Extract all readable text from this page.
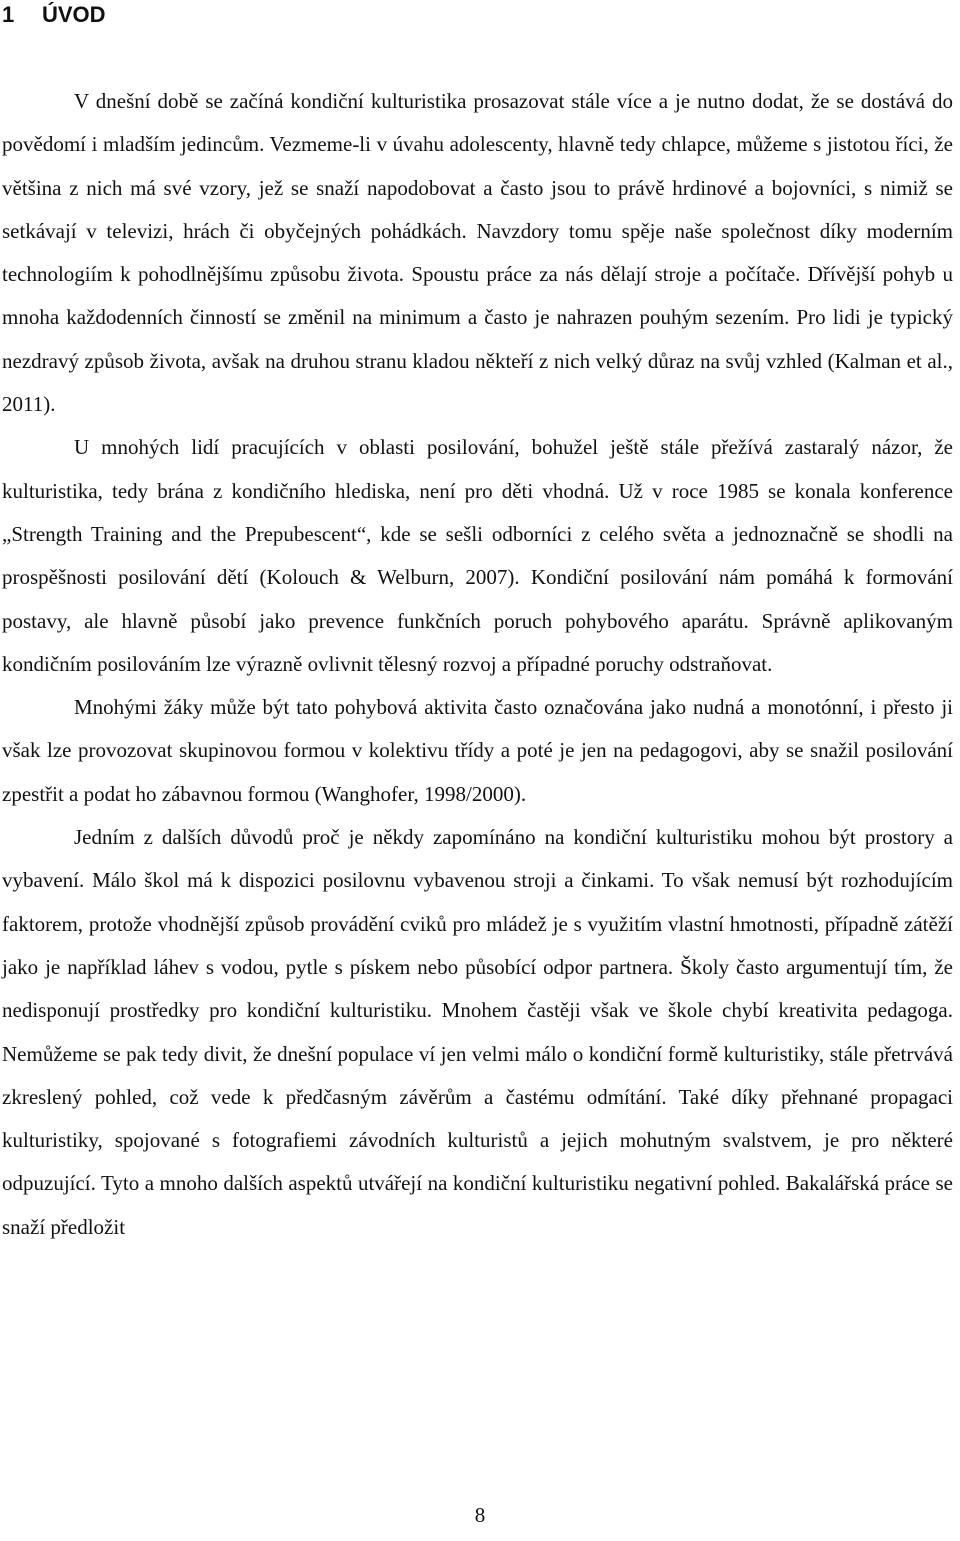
1 ÚVOD

V dnešní době se začíná kondiční kulturistika prosazovat stále více a je nutno dodat, že se dostává do povědomí i mladším jedincům. Vezmeme-li v úvahu adolescenty, hlavně tedy chlapce, můžeme s jistotou říci, že většina z nich má své vzory, jež se snaží napodobovat a často jsou to právě hrdinové a bojovníci, s nimiž se setkávají v televizi, hrách či obyčejných pohádkách. Navzdory tomu spěje naše společnost díky moderním technologiím k pohodlnějšímu způsobu života. Spoustu práce za nás dělají stroje a počítače. Dřívější pohyb u mnoha každodenních činností se změnil na minimum a často je nahrazen pouhým sezením. Pro lidi je typický nezdravý způsob života, avšak na druhou stranu kladou někteří z nich velký důraz na svůj vzhled (Kalman et al., 2011).

U mnohých lidí pracujících v oblasti posilování, bohužel ještě stále přežívá zastaralý názor, že kulturistika, tedy brána z kondičního hlediska, není pro děti vhodná. Už v roce 1985 se konala konference „Strength Training and the Prepubescent“, kde se sešli odborníci z celého světa a jednoznačně se shodli na prospěšnosti posilování dětí (Kolouch & Welburn, 2007). Kondiční posilování nám pomáhá k formování postavy, ale hlavně působí jako prevence funkčních poruch pohybového aparátu. Správně aplikovaným kondičním posilováním lze výrazně ovlivnit tělesný rozvoj a případné poruchy odstraňovat.

Mnohými žáky může být tato pohybová aktivita často označována jako nudná a monotónní, i přesto ji však lze provozovat skupinovou formou v kolektivu třídy a poté je jen na pedagogovi, aby se snažil posilování zpestřit a podat ho zábavnou formou (Wanghofer, 1998/2000).

Jedním z dalších důvodů proč je někdy zapomínáno na kondiční kulturistiku mohou být prostory a vybavení. Málo škol má k dispozici posilovnu vybavenou stroji a činkami. To však nemusí být rozhodujícím faktorem, protože vhodnější způsob provádění cviků pro mládež je s využitím vlastní hmotnosti, případně zátěží jako je například láhev s vodou, pytle s pískem nebo působící odpor partnera. Školy často argumentují tím, že nedisponují prostředky pro kondiční kulturistiku. Mnohem častěji však ve škole chybí kreativita pedagoga. Nemůžeme se pak tedy divit, že dnešní populace ví jen velmi málo o kondiční formě kulturistiky, stále přetrvává zkreslený pohled, což vede k předčasným závěrům a častému odmítání. Také díky přehnané propagaci kulturistiky, spojované s fotografiemi závodních kulturistů a jejich mohutným svalstvem, je pro některé odpuzující. Tyto a mnoho dalších aspektů utvářejí na kondiční kulturistiku negativní pohled. Bakalářská práce se snaží předložit

8
